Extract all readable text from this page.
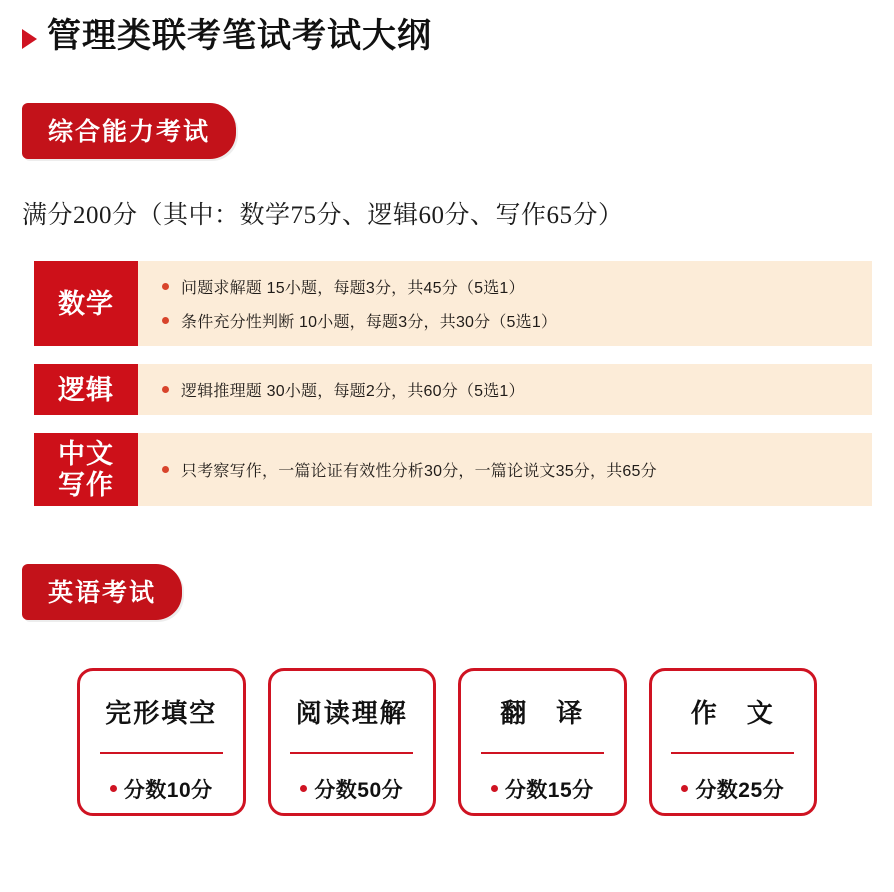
管理类联考笔试考试大纲
综合能力考试
满分200分（其中：数学75分、逻辑60分、写作65分）
数学	问题求解题 15小题，每题3分，共45分（5选1）
条件充分性判断 10小题，每题3分，共30分（5选1）
逻辑	逻辑推理题 30小题，每题2分，共60分（5选1）
中文
写作	只考察写作，一篇论证有效性分析30分，一篇论说文35分，共65分
英语考试
完形填空
分数10分
阅读理解
分数50分
翻　译
分数15分
作　文
分数25分
